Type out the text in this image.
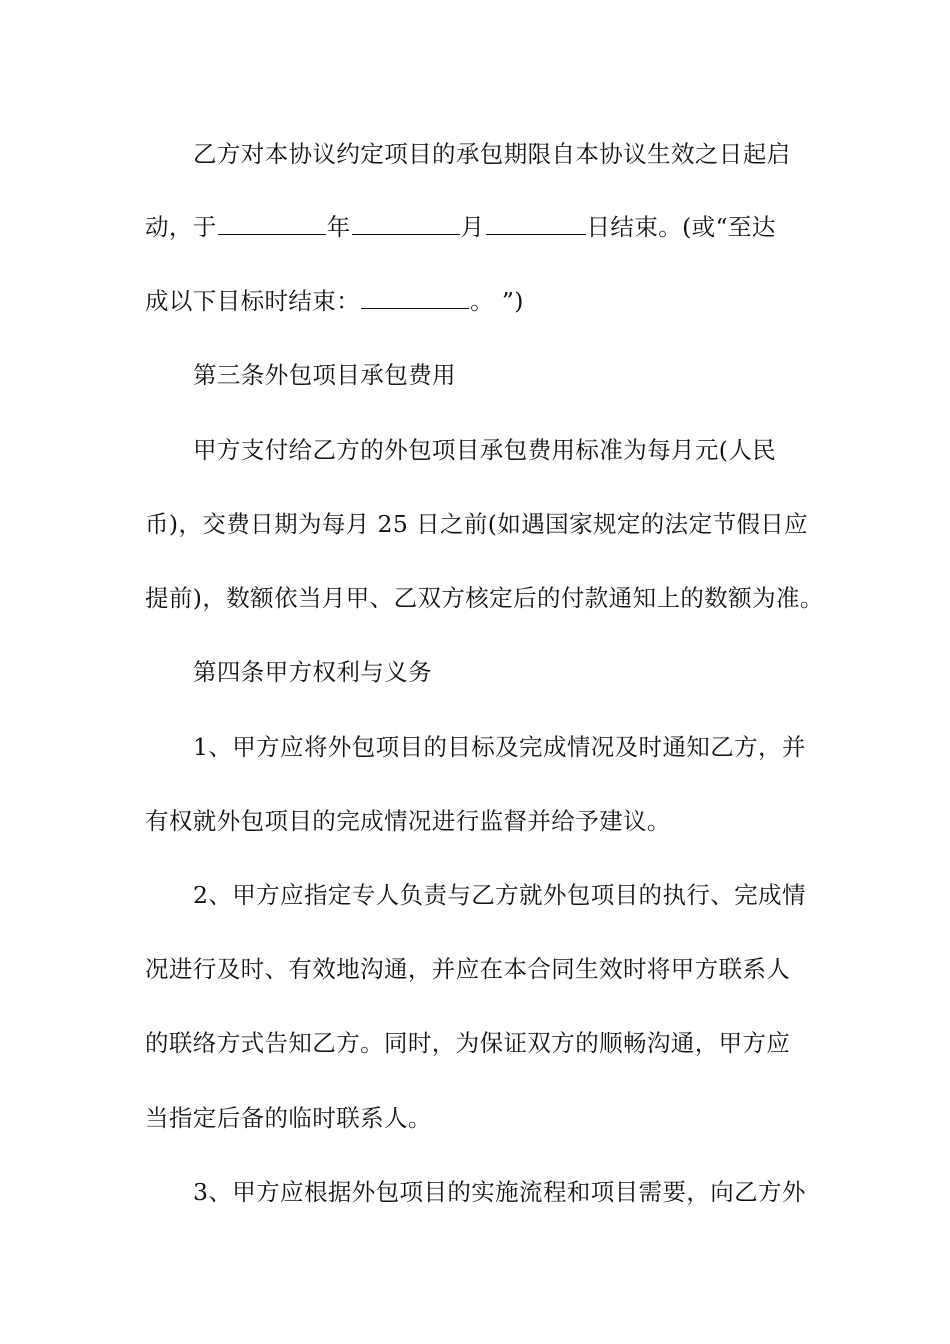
乙方对本协议约定项目的承包期限自本协议生效之日起启
动，于	年	月	日结束。(或“至达
成以下目标时结束：	。 ”)
第三条外包项目承包费用
甲方支付给乙方的外包项目承包费用标准为每月元(人民
币)，交费日期为每月 25 日之前(如遇国家规定的法定节假日应
提前)，数额依当月甲、乙双方核定后的付款通知上的数额为准。
第四条甲方权利与义务
1、甲方应将外包项目的目标及完成情况及时通知乙方，并
有权就外包项目的完成情况进行监督并给予建议。
2、甲方应指定专人负责与乙方就外包项目的执行、完成情
况进行及时、有效地沟通，并应在本合同生效时将甲方联系人
的联络方式告知乙方。同时，为保证双方的顺畅沟通，甲方应
当指定后备的临时联系人。
3、甲方应根据外包项目的实施流程和项目需要，向乙方外
